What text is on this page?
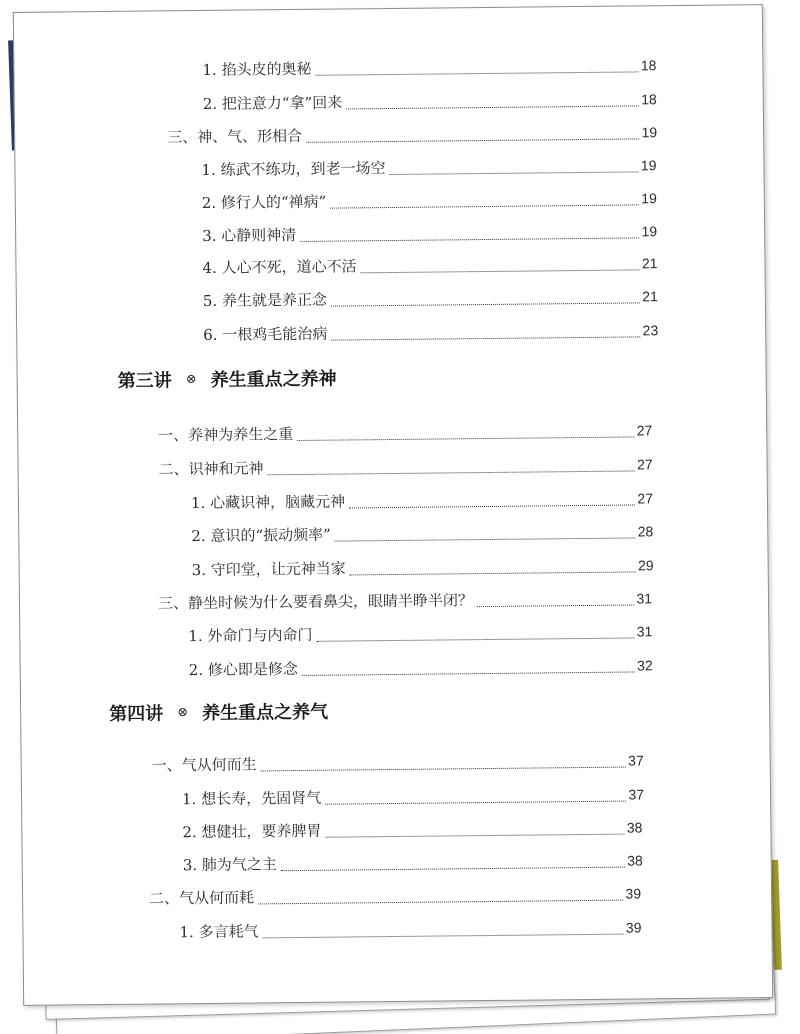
1. 掐头皮的奥秘	18
2. 把注意力“拿”回来	18
三、神、气、形相合	19
1. 练武不练功，到老一场空	19
2. 修行人的“禅病”	19
3. 心静则神清	19
4. 人心不死，道心不活	21
5. 养生就是养正念	21
6. 一根鸡毛能治病	23
第三讲 ⊗ 养生重点之养神
一、养神为养生之重	27
二、识神和元神	27
1. 心藏识神，脑藏元神	27
2. 意识的“振动频率”	28
3. 守印堂，让元神当家	29
三、静坐时候为什么要看鼻尖，眼睛半睁半闭？	31
1. 外命门与内命门	31
2. 修心即是修念	32
第四讲 ⊗ 养生重点之养气
一、气从何而生	37
1. 想长寿，先固肾气	37
2. 想健壮，要养脾胃	38
3. 肺为气之主	38
二、气从何而耗	39
1. 多言耗气	39
